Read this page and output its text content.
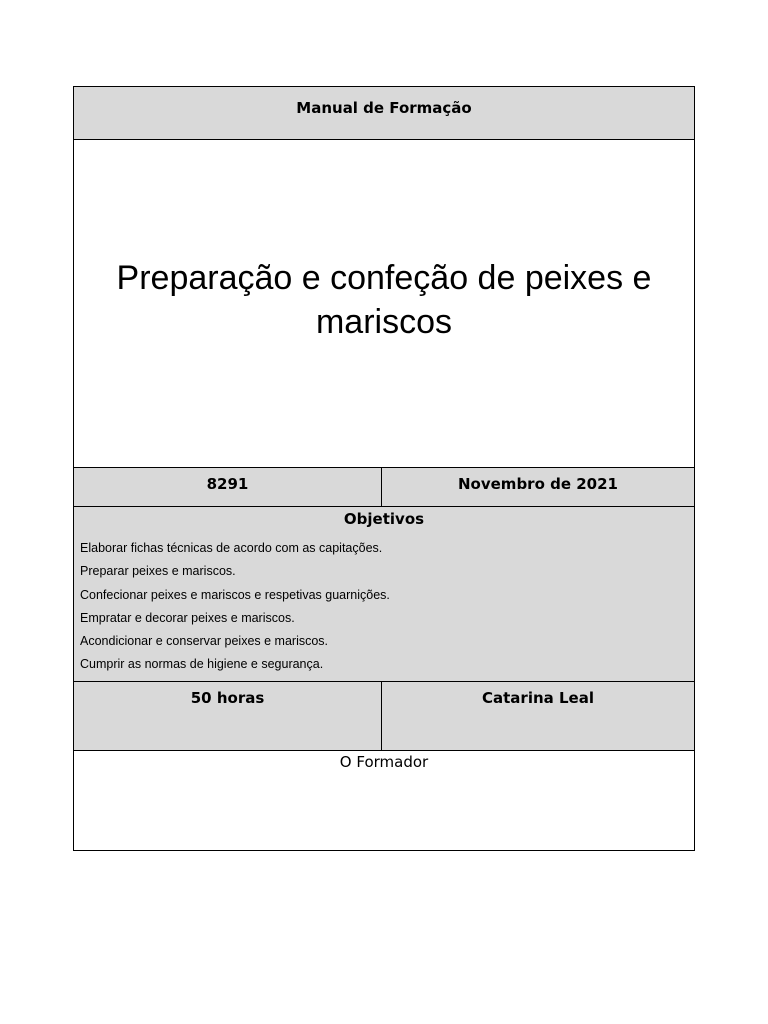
Manual de Formação
Preparação e confeção de peixes e mariscos
8291	Novembro de 2021
Objetivos
Elaborar fichas técnicas de acordo com as capitações.
Preparar peixes e mariscos.
Confecionar peixes e mariscos e respetivas guarnições.
Empratar e decorar peixes e mariscos.
Acondicionar e conservar peixes e mariscos.
Cumprir as normas de higiene e segurança.
50 horas	Catarina Leal
O Formador
